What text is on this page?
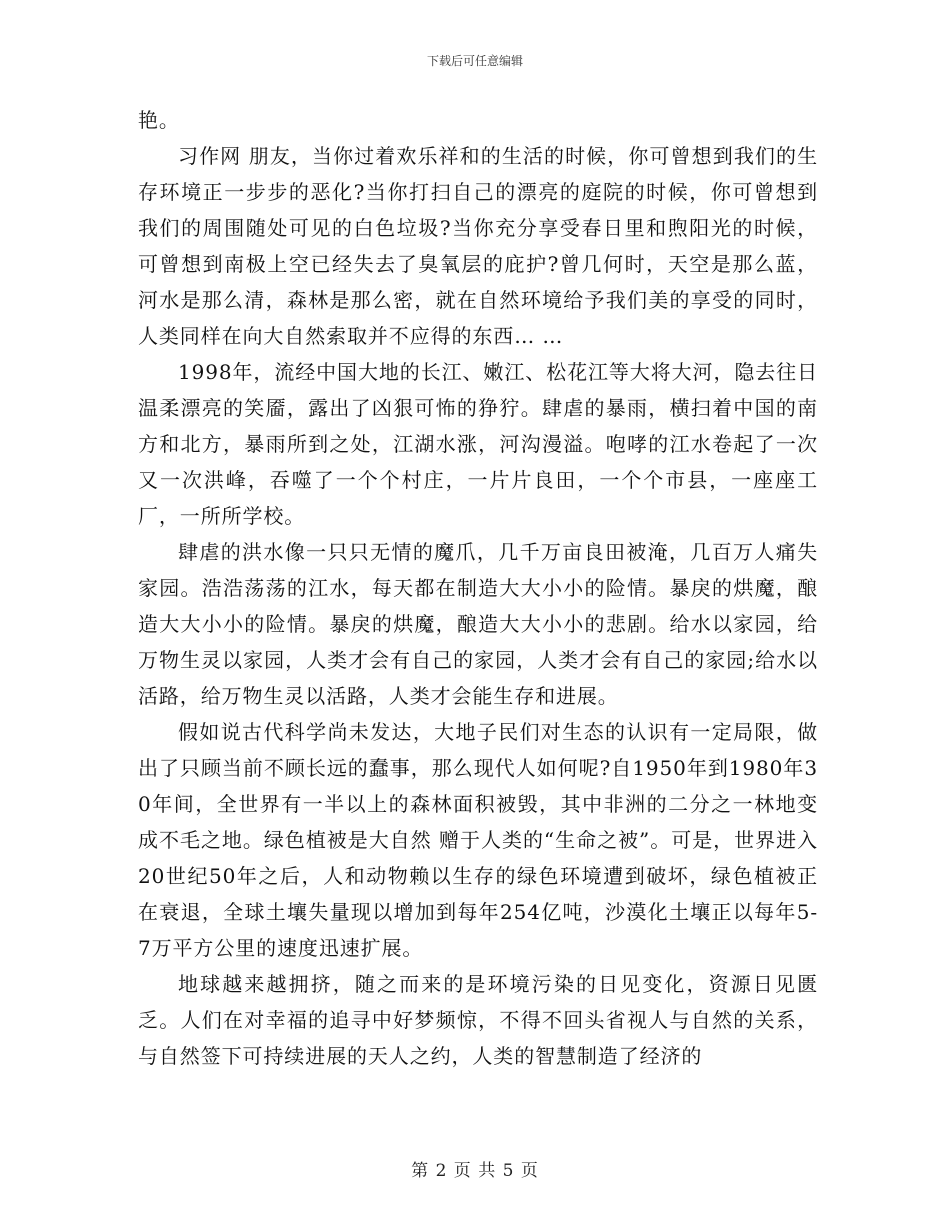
下载后可任意编辑

艳。

习作网 朋友，当你过着欢乐祥和的生活的时候，你可曾想到我们的生存环境正一步步的恶化?当你打扫自己的漂亮的庭院的时候，你可曾想到我们的周围随处可见的白色垃圾?当你充分享受春日里和煦阳光的时候，可曾想到南极上空已经失去了臭氧层的庇护?曾几何时，天空是那么蓝，河水是那么清，森林是那么密，就在自然环境给予我们美的享受的同时，人类同样在向大自然索取并不应得的东西… …

1998年，流经中国大地的长江、嫩江、松花江等大将大河，隐去往日温柔漂亮的笑靥，露出了凶狠可怖的狰狞。肆虐的暴雨，横扫着中国的南方和北方，暴雨所到之处，江湖水涨，河沟漫溢。咆哮的江水卷起了一次又一次洪峰，吞噬了一个个村庄，一片片良田，一个个市县，一座座工厂，一所所学校。

肆虐的洪水像一只只无情的魔爪，几千万亩良田被淹，几百万人痛失家园。浩浩荡荡的江水，每天都在制造大大小小的险情。暴戾的烘魔，酿造大大小小的险情。暴戾的烘魔，酿造大大小小的悲剧。给水以家园，给万物生灵以家园，人类才会有自己的家园，人类才会有自己的家园;给水以活路，给万物生灵以活路，人类才会能生存和进展。

假如说古代科学尚未发达，大地子民们对生态的认识有一定局限，做出了只顾当前不顾长远的蠢事，那么现代人如何呢?自1950年到1980年30年间，全世界有一半以上的森林面积被毁，其中非洲的二分之一林地变成不毛之地。绿色植被是大自然 赠于人类的“生命之被”。可是，世界进入20世纪50年之后，人和动物赖以生存的绿色环境遭到破坏，绿色植被正在衰退，全球土壤失量现以增加到每年254亿吨，沙漠化土壤正以每年5-7万平方公里的速度迅速扩展。

地球越来越拥挤，随之而来的是环境污染的日见变化，资源日见匮乏。人们在对幸福的追寻中好梦频惊，不得不回头省视人与自然的关系，与自然签下可持续进展的天人之约，人类的智慧制造了经济的

第 2 页 共 5 页
